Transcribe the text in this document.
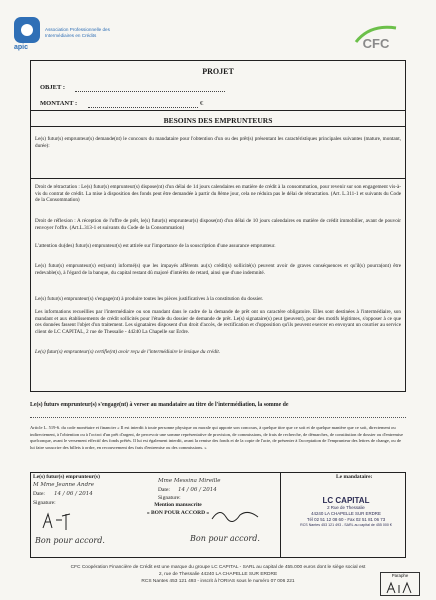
apic
Association Professionnelle des Intermédiaires en Crédits
CFC
PROJET
OBJET :
MONTANT :	€
BESOINS DES EMPRUNTEURS
Le(s) futur(s) emprunteur(s) demande(nt) le concours du mandataire pour l'obtention d'un ou des prêt(s) présentant les caractéristiques principales suivantes (mature, montant, durée):
Droit de rétractation : Le(s) futur(s) emprunteur(s) dispose(nt) d'un délai de 14 jours calendaires en matière de crédit à la consommation, pour revenir sur son engagement vis-à-vis du contrat de crédit. La mise à disposition des fonds peut être demandée à partir du 8ème jour, cela ne réduira pas le délai de rétractation. (Art. L.311-1 et suivants du Code de la Consommation)
Droit de réflexion : A réception de l'offre de prêt, le(s) futur(s) emprunteur(s) dispose(nt) d'un délai de 10 jours calendaires en matière de crédit immobilier, avant de pouvoir renvoyer l'offre. (Art.L.313-1 et suivants du Code de la Consommation)
L'attention du(des) futur(s) emprunteur(s) est attirée sur l'importance de la souscription d'une assurance emprunteur.
Le(s) futur(s) emprunteur(s) est(sont) informé(s) que les impayés afférents au(x) crédit(s) sollicité(s) peuvent avoir de graves conséquences et qu'il(s) pourra(ont) être redevable(s), à l'égard de la banque, du capital restant dû majoré d'intérêts de retard, ainsi que d'une indemnité.
Le(s) futur(s) emprunteur(s) s'engage(nt) à produire toutes les pièces justificatives à la constitution du dossier.
Les informations recueillies par l'intermédiaire ou son mandant dans le cadre de la demande de prêt ont un caractère obligatoire. Elles sont destinées à l'intermédiaire, son mandant et aux établissements de crédit sollicités pour l'étude du dossier de demande de prêt. Le(s) signataire(s) peut (peuvent), pour des motifs légitimes, s'opposer à ce que ces données fassent l'objet d'un traitement. Les signataires disposent d'un droit d'accès, de rectification et d'opposition qu'ils peuvent exercer en envoyant un courrier au service client de LC CAPITAL, 2 rue de Thessalie - 44240 La Chapelle sur Erdre.
Le(s) futur(s) emprunteur(s) certifie(nt) avoir reçu de l'intermédiaire le lexique du crédit.
Le(s) futurs emprunteur(s) s'engage(nt) à verser au mandataire au titre de l'intermédiation, la somme de
Article L. 519-6. du code monétaire et financier « Il est interdit à toute personne physique ou morale qui apporte son concours, à quelque titre que ce soit et de quelque manière que ce soit, directement ou indirectement, à l'obtention ou à l'octroi d'un prêt d'argent, de percevoir une somme représentative de provision, de commissions, de frais de recherche, de démarches, de constitution de dossier ou d'entremise quelconque, avant le versement effectif des fonds prêtés. Il lui est également interdit, avant la remise des fonds et de la copie de l'acte, de présenter à l'acceptation de l'emprunteur des lettres de change, ou de lui faire souscrire des billets à ordre, en recouvrement des frais d'entremise ou des commissions. »
Le(s) futur(s) emprunteur(s)
M Mme Jeanne Andre
Date: 14 / 06 / 2014
Signature:
Bon pour accord.
Mention manuscrite
« BON POUR ACCORD »
Mme Messina Mireille
Date: 14 / 06 / 2014
Signature:
Bon pour accord.
Le mandataire:
LC CAPITAL
2 Rue de Thessalie
44240 LA CHAPELLE SUR ERDRE
Tél 02 51 12 08 60 - Fax 02 51 81 06 73
RCS Nantes 453 121 493 - SARL au capital de 455 000 €
CFC Coopération Financière de Crédit est une marque du groupe LC CAPITAL - SARL au capital de 455.000 euros dont le siège social est
2, rue de Thessalie 44240 LA CHAPELLE SUR ERDRE
RCS Nantes 453 121 493 - inscrit à l'ORIAS sous le numéro 07 006 221
Paraphe
